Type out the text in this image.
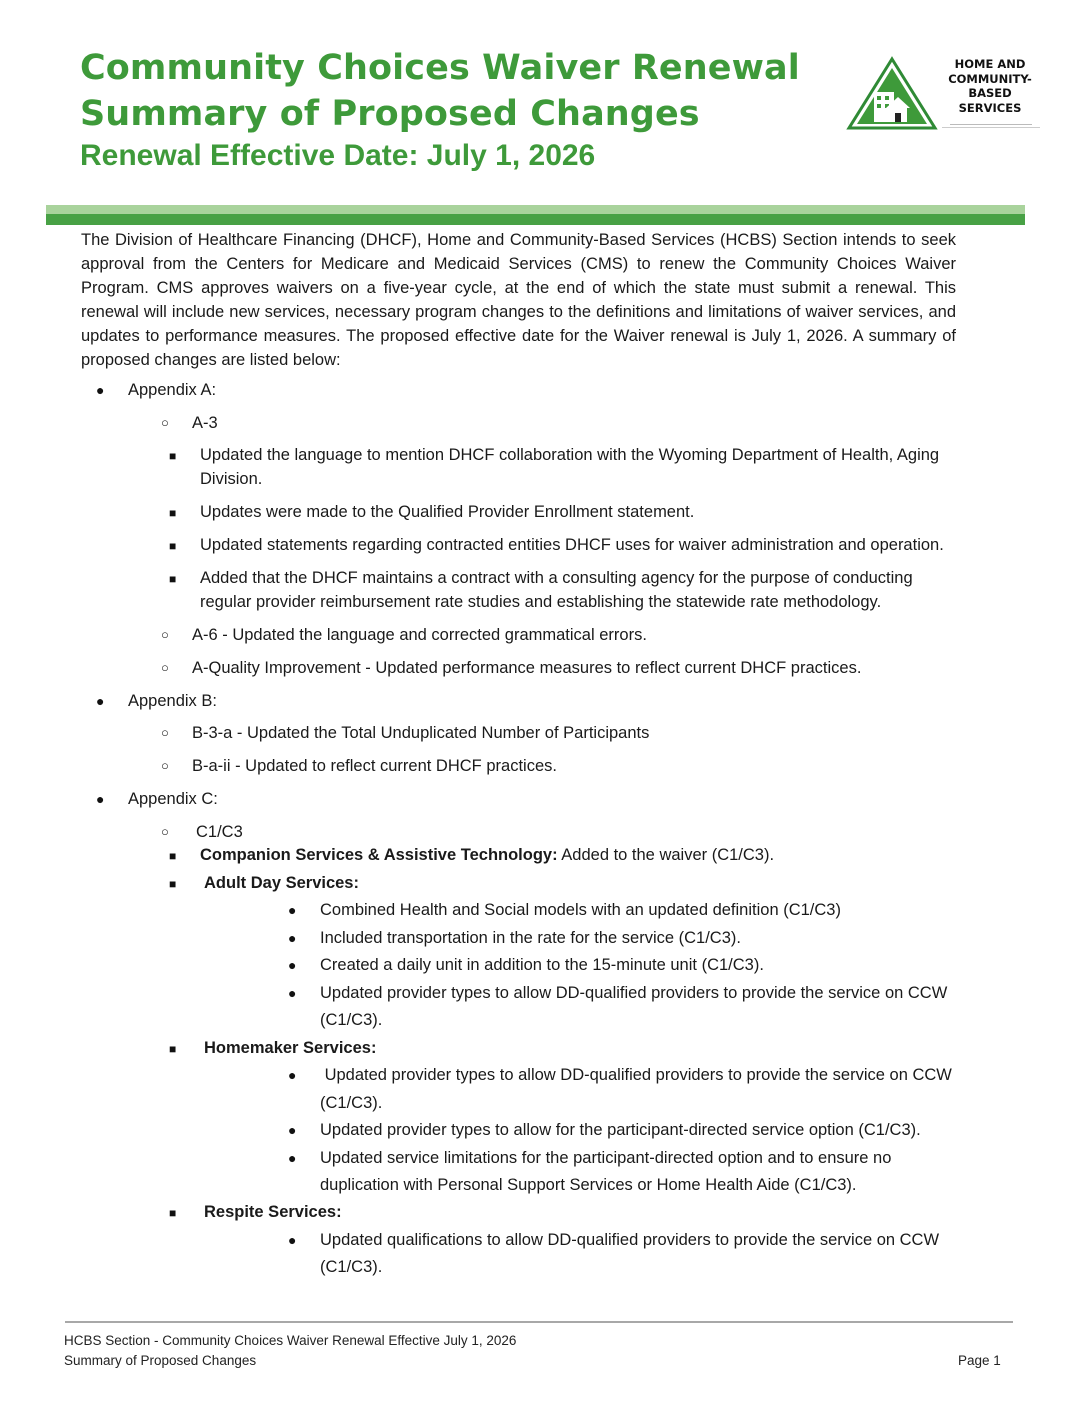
Community Choices Waiver Renewal
Summary of Proposed Changes
Renewal Effective Date: July 1, 2026
HOME AND
COMMUNITY-
BASED
SERVICES

The Division of Healthcare Financing (DHCF), Home and Community-Based Services (HCBS) Section intends to seek approval from the Centers for Medicare and Medicaid Services (CMS) to renew the Community Choices Waiver Program. CMS approves waivers on a five-year cycle, at the end of which the state must submit a renewal. This renewal will include new services, necessary program changes to the definitions and limitations of waiver services, and updates to performance measures. The proposed effective date for the Waiver renewal is July 1, 2026. A summary of proposed changes are listed below:

● Appendix A:
○ A-3
■ Updated the language to mention DHCF collaboration with the Wyoming Department of Health, Aging
Division.
■ Updates were made to the Qualified Provider Enrollment statement.
■ Updated statements regarding contracted entities DHCF uses for waiver administration and operation.
■ Added that the DHCF maintains a contract with a consulting agency for the purpose of conducting
regular provider reimbursement rate studies and establishing the statewide rate methodology.
○ A-6 - Updated the language and corrected grammatical errors.
○ A-Quality Improvement - Updated performance measures to reflect current DHCF practices.
● Appendix B:
○ B-3-a - Updated the Total Unduplicated Number of Participants
○ B-a-ii - Updated to reflect current DHCF practices.
● Appendix C:
○ C1/C3
■ Companion Services & Assistive Technology: Added to the waiver (C1/C3).
■ Adult Day Services:
● Combined Health and Social models with an updated definition (C1/C3)
● Included transportation in the rate for the service (C1/C3).
● Created a daily unit in addition to the 15-minute unit (C1/C3).
● Updated provider types to allow DD-qualified providers to provide the service on CCW
(C1/C3).
■ Homemaker Services:
● Updated provider types to allow DD-qualified providers to provide the service on CCW
(C1/C3).
● Updated provider types to allow for the participant-directed service option (C1/C3).
● Updated service limitations for the participant-directed option and to ensure no
duplication with Personal Support Services or Home Health Aide (C1/C3).
■ Respite Services:
● Updated qualifications to allow DD-qualified providers to provide the service on CCW
(C1/C3).
HCBS Section - Community Choices Waiver Renewal Effective July 1, 2026
Summary of Proposed Changes	Page 1
